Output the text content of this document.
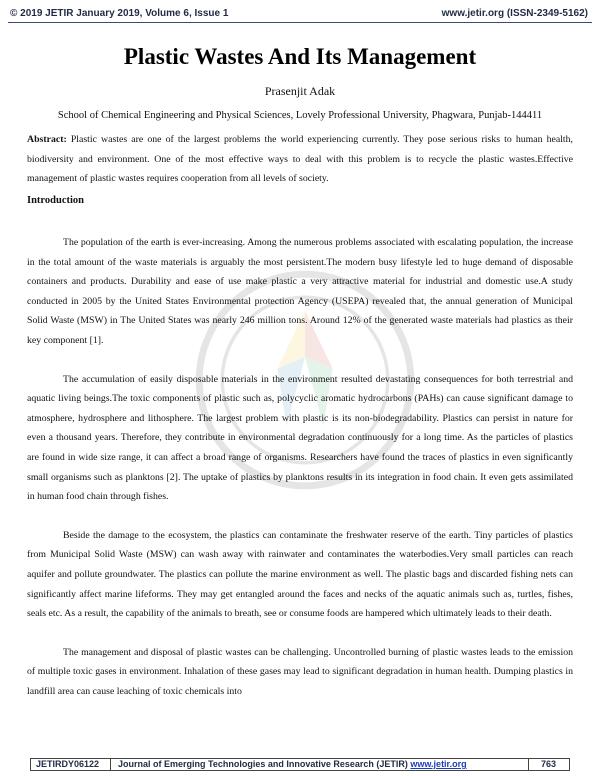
© 2019 JETIR January 2019, Volume 6, Issue 1	www.jetir.org (ISSN-2349-5162)
Plastic Wastes And Its Management
Prasenjit Adak
School of Chemical Engineering and Physical Sciences, Lovely Professional University, Phagwara, Punjab-144411

Abstract: Plastic wastes are one of the largest problems the world experiencing currently. They pose serious risks to human health, biodiversity and environment. One of the most effective ways to deal with this problem is to recycle the plastic wastes.Effective management of plastic wastes requires cooperation from all levels of society.

Introduction

The population of the earth is ever-increasing. Among the numerous problems associated with escalating population, the increase in the total amount of the waste materials is arguably the most persistent.The modern busy lifestyle led to huge demand of disposable containers and products. Durability and ease of use make plastic a very attractive material for industrial and domestic use.A study conducted in 2005 by the United States Environmental protection Agency (USEPA) revealed that, the annual generation of Municipal Solid Waste (MSW) in The United States was nearly 246 million tons. Around 12% of the generated waste materials had plastics as their key component [1].

The accumulation of easily disposable materials in the environment resulted devastating consequences for both terrestrial and aquatic living beings.The toxic components of plastic such as, polycyclic aromatic hydrocarbons (PAHs) can cause significant damage to atmosphere, hydrosphere and lithosphere. The largest problem with plastic is its non-biodegradability. Plastics can persist in nature for even a thousand years. Therefore, they contribute in environmental degradation continuously for a long time. As the particles of plastics are found in wide size range, it can affect a broad range of organisms. Researchers have found the traces of plastics in even significantly small organisms such as planktons [2]. The uptake of plastics by planktons results in its integration in food chain. It even gets assimilated in human food chain through fishes.

Beside the damage to the ecosystem, the plastics can contaminate the freshwater reserve of the earth. Tiny particles of plastics from Municipal Solid Waste (MSW) can wash away with rainwater and contaminates the waterbodies.Very small particles can reach aquifer and pollute groundwater. The plastics can pollute the marine environment as well. The plastic bags and discarded fishing nets can significantly affect marine lifeforms. They may get entangled around the faces and necks of the aquatic animals such as, turtles, fishes, seals etc. As a result, the capability of the animals to breath, see or consume foods are hampered which ultimately leads to their death.

The management and disposal of plastic wastes can be challenging. Uncontrolled burning of plastic wastes leads to the emission of multiple toxic gases in environment. Inhalation of these gases may lead to significant degradation in human health. Dumping plastics in landfill area can cause leaching of toxic chemicals into

JETIRDY06122 Journal of Emerging Technologies and Innovative Research (JETIR) www.jetir.org	763
